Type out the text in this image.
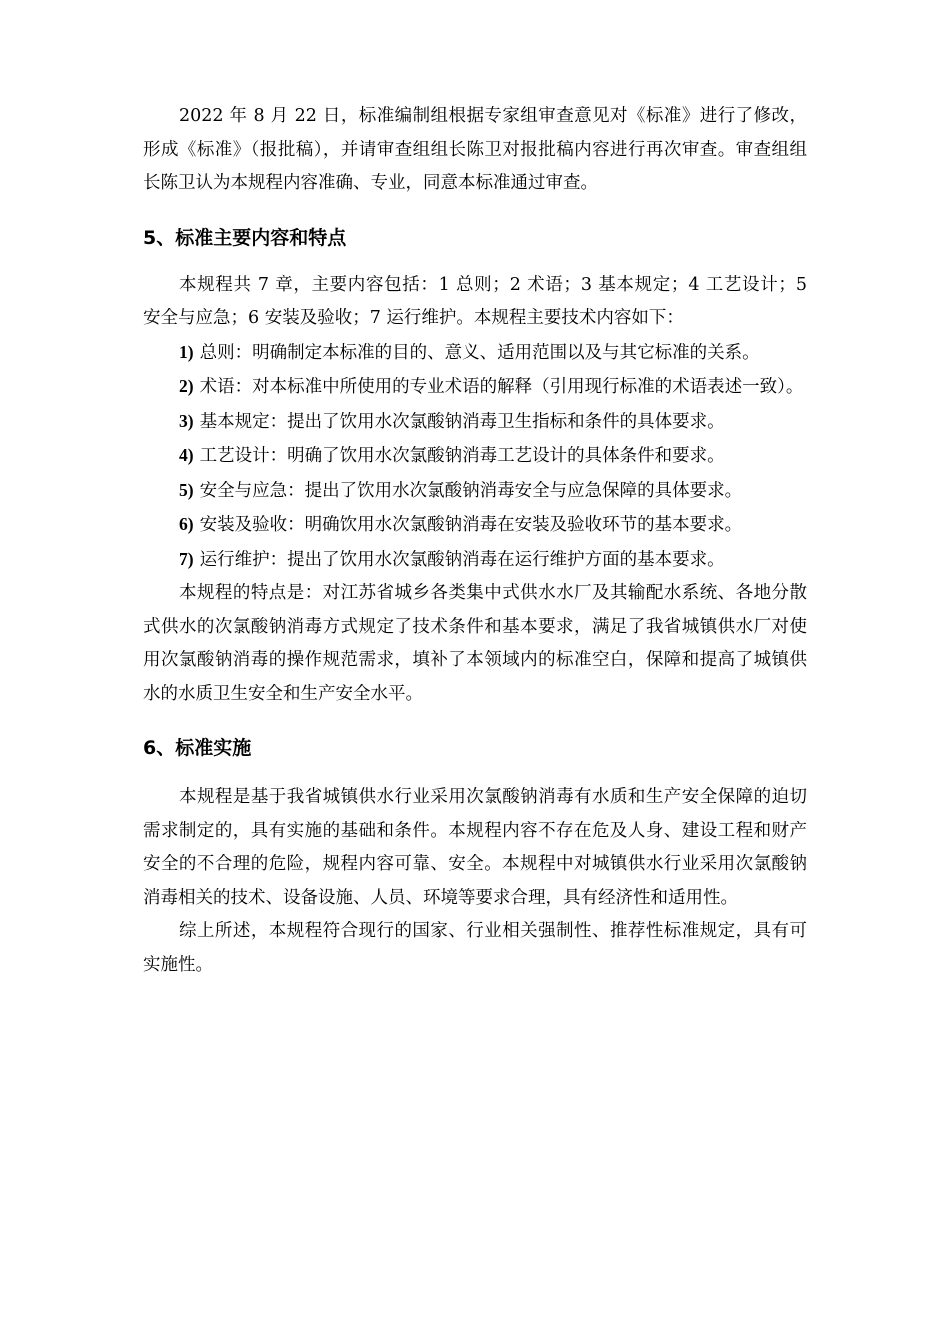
2022 年 8 月 22 日，标准编制组根据专家组审查意见对《标准》进行了修改，形成《标准》（报批稿），并请审查组组长陈卫对报批稿内容进行再次审查。审查组组长陈卫认为本规程内容准确、专业，同意本标准通过审查。

5、标准主要内容和特点

本规程共 7 章，主要内容包括：1 总则；2 术语；3 基本规定；4 工艺设计；5 安全与应急；6 安装及验收；7 运行维护。本规程主要技术内容如下：

1) 总则：明确制定本标准的目的、意义、适用范围以及与其它标准的关系。

2) 术语：对本标准中所使用的专业术语的解释（引用现行标准的术语表述一致）。

3) 基本规定：提出了饮用水次氯酸钠消毒卫生指标和条件的具体要求。

4) 工艺设计：明确了饮用水次氯酸钠消毒工艺设计的具体条件和要求。

5) 安全与应急：提出了饮用水次氯酸钠消毒安全与应急保障的具体要求。

6) 安装及验收：明确饮用水次氯酸钠消毒在安装及验收环节的基本要求。

7) 运行维护：提出了饮用水次氯酸钠消毒在运行维护方面的基本要求。

本规程的特点是：对江苏省城乡各类集中式供水水厂及其输配水系统、各地分散式供水的次氯酸钠消毒方式规定了技术条件和基本要求，满足了我省城镇供水厂对使用次氯酸钠消毒的操作规范需求，填补了本领域内的标准空白，保障和提高了城镇供水的水质卫生安全和生产安全水平。

6、标准实施

本规程是基于我省城镇供水行业采用次氯酸钠消毒有水质和生产安全保障的迫切需求制定的，具有实施的基础和条件。本规程内容不存在危及人身、建设工程和财产安全的不合理的危险，规程内容可靠、安全。本规程中对城镇供水行业采用次氯酸钠消毒相关的技术、设备设施、人员、环境等要求合理，具有经济性和适用性。

综上所述，本规程符合现行的国家、行业相关强制性、推荐性标准规定，具有可实施性。
